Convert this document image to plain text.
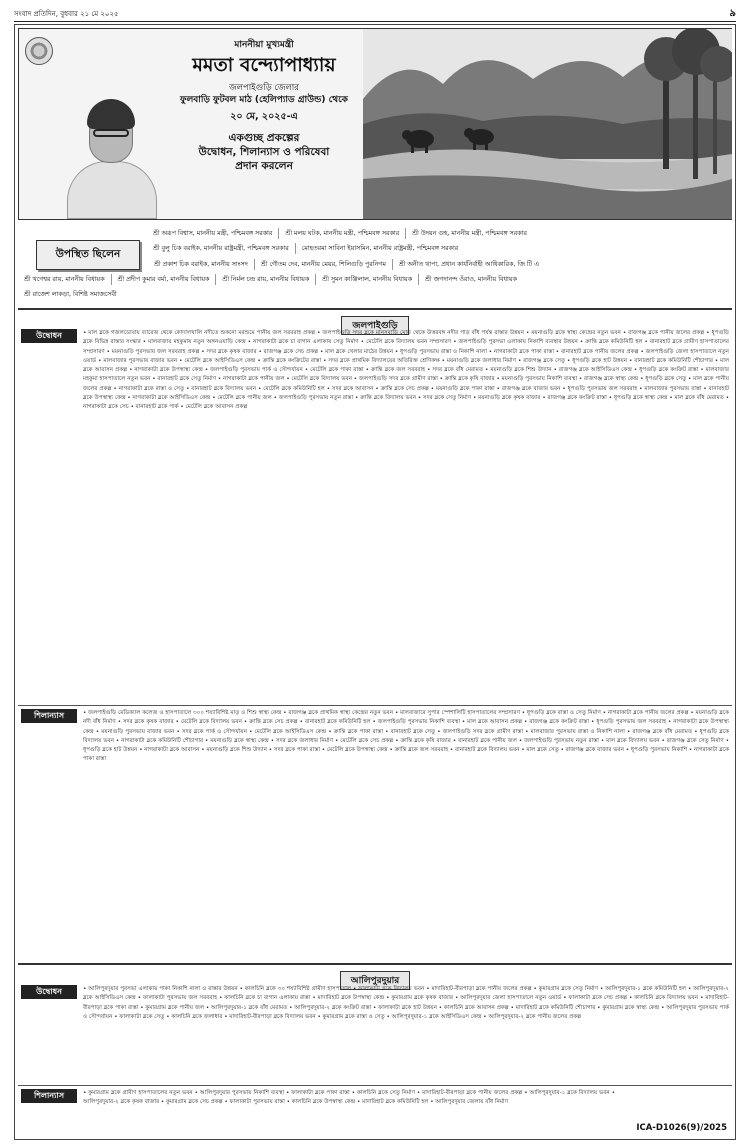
সংবাদ প্রতিদিন, বুধবার ২১ মে ২০২৫	৯
মাননীয়া মুখ্যমন্ত্রী
মমতা বন্দ্যোপাধ্যায়
জলপাইগুড়ি জেলার
ফুলবাড়ি ফুটবল মাঠ (হেলিপ্যাড গ্রাউন্ড) থেকে
২০ মে, ২০২৫-এ
একগুচ্ছ প্রকল্পের
উদ্বোধন, শিলান্যাস ও পরিষেবা
প্রদান করলেন
উপস্থিত ছিলেন
শ্রী অরূপ বিশ্বাস, মাননীয় মন্ত্রী, পশ্চিমবঙ্গ সরকার	শ্রী মলয় ঘটক, মাননীয় মন্ত্রী, পশ্চিমবঙ্গ সরকার	শ্রী উদয়ন গুহ, মাননীয় মন্ত্রী, পশ্চিমবঙ্গ সরকার
শ্রী বুলু চিক বরাইক, মাননীয় রাষ্ট্রমন্ত্রী, পশ্চিমবঙ্গ সরকার	মোহতরমা সাবিনা ইয়াসমিন, মাননীয় রাষ্ট্রমন্ত্রী, পশ্চিমবঙ্গ সরকার
শ্রী প্রকাশ চিক বরাইক, মাননীয় সাংসদ	শ্রী গৌতম দেব, মাননীয় মেয়র, শিলিগুড়ি পুরনিগম	শ্রী অনীত থাপা, প্রধান কার্যনির্বাহী আধিকারিক, জি টি এ
শ্রী খগেশ্বর রায়, মাননীয় বিধায়ক	শ্রী প্রদীপ কুমার বর্মা, মাননীয় বিধায়ক	শ্রী নির্মল চন্দ্র রায়, মাননীয় বিধায়ক	শ্রী সুমন কাঞ্জিলাল, মাননীয় বিধায়ক	শ্রী জগদানন্দ ওঁরাও, মাননীয় বিধায়ক
শ্রী রাজেশ লাকড়া, বিশিষ্ট সমাজসেবী
জলপাইগুড়ি
উদ্বোধন	• মাল ব্লকে গজলডোবায় ব্যারেজ থেকে কোদালখালি নদীতে শুকনো মরশুমে পানীয় জল সরবরাহ প্রকল্প • জলপাইগুড়ি সদর ব্লকে মানসবাড়ি মোড় থেকে উত্তরবঙ্গ নদীর পাড় বাঁধ পর্যন্ত রাস্তার উন্নয়ন • ময়নাগুড়ি ব্লকে স্বাস্থ্য কেন্দ্রের নতুন ভবন • রাজগঞ্জ ব্লকে পানীয় জলের প্রকল্প • ধূপগুড়ি ব্লকে বিভিন্ন রাস্তার সংস্কার • মালবাজার মহকুমায় নতুন অঙ্গনওয়াড়ি কেন্দ্র • নাগরাকাটা ব্লকে চা বাগান এলাকায় সেতু নির্মাণ • মেটেলি ব্লকে বিদ্যালয় ভবন সম্প্রসারণ • জলপাইগুড়ি পুরসভা এলাকায় নিকাশি ব্যবস্থার উন্নয়ন • ক্রান্তি ব্লকে কমিউনিটি হল • বানারহাট ব্লকে গ্রামীণ হাসপাতালের সম্প্রসারণ • ময়নাগুড়ি পুরসভায় জল সরবরাহ প্রকল্প • সদর ব্লকে কৃষক বাজার • রাজগঞ্জ ব্লকে সেচ প্রকল্প • মাল ব্লকে খেলার মাঠের উন্নয়ন • ধূপগুড়ি পুরসভায় রাস্তা ও নিকাশি নালা • নাগরাকাটা ব্লকে পাকা রাস্তা • বানারহাট ব্লকে পানীয় জলের প্রকল্প • জলপাইগুড়ি জেলা হাসপাতালে নতুন ওয়ার্ড • মালবাজার পুরসভায় বাজার ভবন • মেটেলি ব্লকে আইসিডিএস কেন্দ্র • ক্রান্তি ব্লকে কংক্রিটের রাস্তা • সদর ব্লকে প্রাথমিক বিদ্যালয়ের অতিরিক্ত শ্রেণিকক্ষ • ময়নাগুড়ি ব্লকে জলাধার নির্মাণ • রাজগঞ্জ ব্লকে সেতু • ধূপগুড়ি ব্লকে হাট উন্নয়ন • বানারহাট ব্লকে কমিউনিটি শৌচাগার • মাল ব্লকে আবাসন প্রকল্প • নাগরাকাটা ব্লকে উপস্বাস্থ্য কেন্দ্র • জলপাইগুড়ি পুরসভায় পার্ক ও সৌন্দর্যায়ন • মেটেলি ব্লকে পাকা রাস্তা • ক্রান্তি ব্লকে জল সরবরাহ • সদর ব্লকে বাঁধ মেরামত • ময়নাগুড়ি ব্লকে শিশু উদ্যান • রাজগঞ্জ ব্লকে আইসিডিএস কেন্দ্র • ধূপগুড়ি ব্লকে কংক্রিট রাস্তা • মালবাজার মহকুমা হাসপাতালে নতুন ভবন • বানারহাট ব্লকে সেতু নির্মাণ • নাগরাকাটা ব্লকে পানীয় জল • মেটেলি ব্লকে বিদ্যালয় ভবন • জলপাইগুড়ি সদর ব্লকে গ্রামীণ রাস্তা • ক্রান্তি ব্লকে কৃষি বাজার • ময়নাগুড়ি পুরসভায় নিকাশি ব্যবস্থা • রাজগঞ্জ ব্লকে স্বাস্থ্য কেন্দ্র • ধূপগুড়ি ব্লকে সেতু • মাল ব্লকে পানীয় জলের প্রকল্প • নাগরাকাটা ব্লকে রাস্তা ও সেতু • বানারহাট ব্লকে বিদ্যালয় ভবন • মেটেলি ব্লকে কমিউনিটি হল • সদর ব্লকে আবাসন • ক্রান্তি ব্লকে সেচ প্রকল্প • ময়নাগুড়ি ব্লকে পাকা রাস্তা • রাজগঞ্জ ব্লকে বাজার ভবন • ধূপগুড়ি পুরসভায় জল সরবরাহ • মালবাজার পুরসভায় রাস্তা • বানারহাট ব্লকে উপস্বাস্থ্য কেন্দ্র • নাগরাকাটা ব্লকে আইসিডিএস কেন্দ্র • মেটেলি ব্লকে পানীয় জল • জলপাইগুড়ি পুরসভায় নতুন রাস্তা • ক্রান্তি ব্লকে বিদ্যালয় ভবন • সদর ব্লকে সেতু নির্মাণ • ময়নাগুড়ি ব্লকে কৃষক বাজার • রাজগঞ্জ ব্লকে কংক্রিট রাস্তা • ধূপগুড়ি ব্লকে স্বাস্থ্য কেন্দ্র • মাল ব্লকে বাঁধ মেরামত • নাগরাকাটা ব্লকে সেচ • বানারহাট ব্লকে পার্ক • মেটেলি ব্লকে আবাসন প্রকল্প

শিলান্যাস	• জলপাইগুড়ি মেডিক্যাল কলেজ ও হাসপাতালে ৩০০ শয্যাবিশিষ্ট মাতৃ ও শিশু স্বাস্থ্য কেন্দ্র • রাজগঞ্জ ব্লকে প্রাথমিক স্বাস্থ্য কেন্দ্রের নতুন ভবন • মালবাজারে সুপার স্পেশালিটি হাসপাতালের সম্প্রসারণ • ধূপগুড়ি ব্লকে রাস্তা ও সেতু নির্মাণ • নাগরাকাটা ব্লকে পানীয় জলের প্রকল্প • ময়নাগুড়ি ব্লকে নদী বাঁধ নির্মাণ • সদর ব্লকে কৃষক বাজার • মেটেলি ব্লকে বিদ্যালয় ভবন • ক্রান্তি ব্লকে সেচ প্রকল্প • বানারহাট ব্লকে কমিউনিটি হল • জলপাইগুড়ি পুরসভায় নিকাশি ব্যবস্থা • মাল ব্লকে আবাসন প্রকল্প • রাজগঞ্জ ব্লকে কংক্রিট রাস্তা • ধূপগুড়ি পুরসভায় জল সরবরাহ • নাগরাকাটা ব্লকে উপস্বাস্থ্য কেন্দ্র • ময়নাগুড়ি পুরসভায় বাজার ভবন • সদর ব্লকে পার্ক ও সৌন্দর্যায়ন • মেটেলি ব্লকে আইসিডিএস কেন্দ্র • ক্রান্তি ব্লকে পাকা রাস্তা • বানারহাট ব্লকে সেতু • জলপাইগুড়ি সদর ব্লকে গ্রামীণ রাস্তা • মালবাজার পুরসভায় রাস্তা ও নিকাশি নালা • রাজগঞ্জ ব্লকে বাঁধ মেরামত • ধূপগুড়ি ব্লকে বিদ্যালয় ভবন • নাগরাকাটা ব্লকে কমিউনিটি শৌচাগার • ময়নাগুড়ি ব্লকে স্বাস্থ্য কেন্দ্র • সদর ব্লকে জলাধার নির্মাণ • মেটেলি ব্লকে সেচ প্রকল্প • ক্রান্তি ব্লকে কৃষি বাজার • বানারহাট ব্লকে পানীয় জল • জলপাইগুড়ি পুরসভায় নতুন রাস্তা • মাল ব্লকে বিদ্যালয় ভবন • রাজগঞ্জ ব্লকে সেতু নির্মাণ • ধূপগুড়ি ব্লকে হাট উন্নয়ন • নাগরাকাটা ব্লকে আবাসন • ময়নাগুড়ি ব্লকে শিশু উদ্যান • সদর ব্লকে পাকা রাস্তা • মেটেলি ব্লকে উপস্বাস্থ্য কেন্দ্র • ক্রান্তি ব্লকে জল সরবরাহ • বানারহাট ব্লকে বিদ্যালয় ভবন • মাল ব্লকে সেতু • রাজগঞ্জ ব্লকে বাজার ভবন • ধূপগুড়ি পুরসভায় নিকাশি • নাগরাকাটা ব্লকে পাকা রাস্তা

আলিপুরদুয়ার
উদ্বোধন	• আলিপুরদুয়ার পুরসভা এলাকায় পাকা নিকাশি নালা ও রাস্তার উন্নয়ন • কালচিনি ব্লকে ৩০ শয্যাবিশিষ্ট গ্রামীণ হাসপাতাল • ফালাকাটা ব্লকে বিদ্যালয় ভবন • মাদারিহাট-বীরপাড়া ব্লকে পানীয় জলের প্রকল্প • কুমারগ্রাম ব্লকে সেতু নির্মাণ • আলিপুরদুয়ার-১ ব্লকে কমিউনিটি হল • আলিপুরদুয়ার-২ ব্লকে আইসিডিএস কেন্দ্র • ফালাকাটা পুরসভায় জল সরবরাহ • কালচিনি ব্লকে চা বাগান এলাকায় রাস্তা • মাদারিহাট ব্লকে উপস্বাস্থ্য কেন্দ্র • কুমারগ্রাম ব্লকে কৃষক বাজার • আলিপুরদুয়ার জেলা হাসপাতালে নতুন ওয়ার্ড • ফালাকাটা ব্লকে সেচ প্রকল্প • কালচিনি ব্লকে বিদ্যালয় ভবন • মাদারিহাট-বীরপাড়া ব্লকে পাকা রাস্তা • কুমারগ্রাম ব্লকে পানীয় জল • আলিপুরদুয়ার-১ ব্লকে বাঁধ মেরামত • আলিপুরদুয়ার-২ ব্লকে কংক্রিট রাস্তা • ফালাকাটা ব্লকে হাট উন্নয়ন • কালচিনি ব্লকে আবাসন প্রকল্প • মাদারিহাট ব্লকে কমিউনিটি শৌচাগার • কুমারগ্রাম ব্লকে স্বাস্থ্য কেন্দ্র • আলিপুরদুয়ার পুরসভায় পার্ক ও সৌন্দর্যায়ন • ফালাকাটা ব্লকে সেতু • কালচিনি ব্লকে জলাধার • মাদারিহাট-বীরপাড়া ব্লকে বিদ্যালয় ভবন • কুমারগ্রাম ব্লকে রাস্তা ও সেতু • আলিপুরদুয়ার-১ ব্লকে আইসিডিএস কেন্দ্র • আলিপুরদুয়ার-২ ব্লকে পানীয় জলের প্রকল্প

শিলান্যাস	• কুমারগ্রাম ব্লকে গ্রামীণ হাসপাতালের নতুন ভবন • আলিপুরদুয়ার পুরসভায় নিকাশি ব্যবস্থা • ফালাকাটা ব্লকে পাকা রাস্তা • কালচিনি ব্লকে সেতু নির্মাণ • মাদারিহাট-বীরপাড়া ব্লকে পানীয় জলের প্রকল্প • আলিপুরদুয়ার-১ ব্লকে বিদ্যালয় ভবন • আলিপুরদুয়ার-২ ব্লকে কৃষক বাজার • কুমারগ্রাম ব্লকে সেচ প্রকল্প • ফালাকাটা পুরসভায় রাস্তা • কালচিনি ব্লকে উপস্বাস্থ্য কেন্দ্র • মাদারিহাট ব্লকে কমিউনিটি হল • আলিপুরদুয়ার জেলায় বাঁধ নির্মাণ

ICA-D1026(9)/2025
